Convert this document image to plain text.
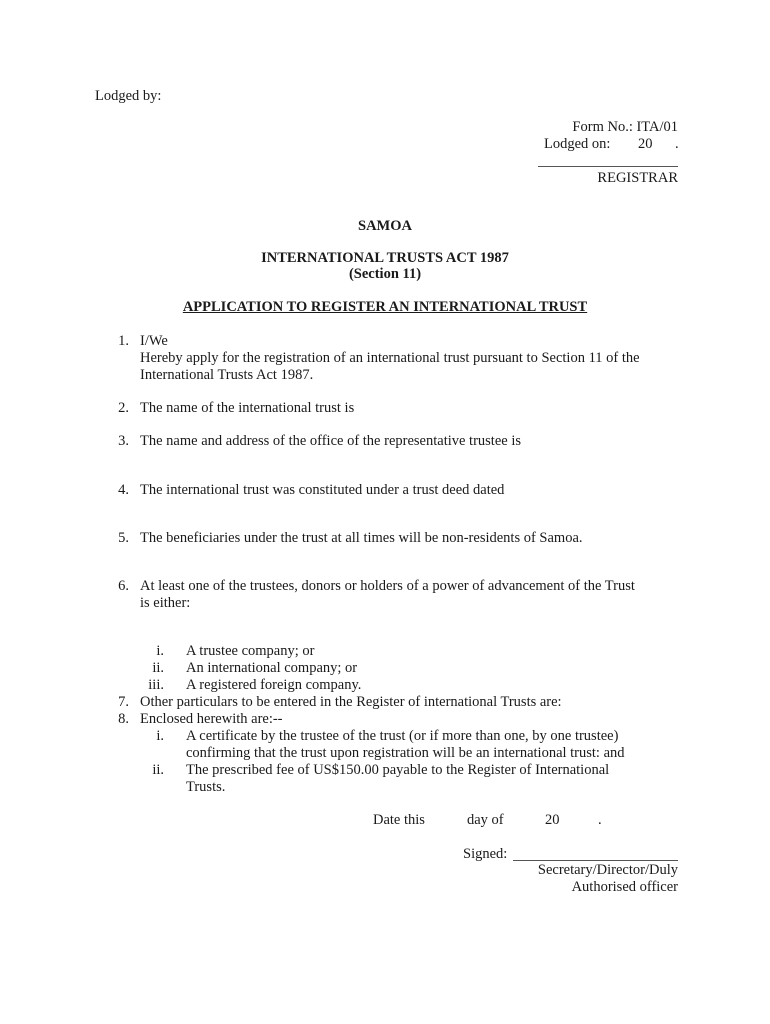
Lodged by:
Form No.: ITA/01
Lodged on: 20 .
REGISTRAR
SAMOA
INTERNATIONAL TRUSTS ACT 1987
(Section 11)
APPLICATION TO REGISTER AN INTERNATIONAL TRUST
1. I/We
Hereby apply for the registration of an international trust pursuant to Section 11 of the
International Trusts Act 1987.
2. The name of the international trust is
3. The name and address of the office of the representative trustee is
4. The international trust was constituted under a trust deed dated
5. The beneficiaries under the trust at all times will be non-residents of Samoa.
6. At least one of the trustees, donors or holders of a power of advancement of the Trust
is either:
i. A trustee company; or
ii. An international company; or
iii. A registered foreign company.
7. Other particulars to be entered in the Register of international Trusts are:
8. Enclosed herewith are:--
i. A certificate by the trustee of the trust (or if more than one, by one trustee)
confirming that the trust upon registration will be an international trust: and
ii. The prescribed fee of US$150.00 payable to the Register of International
Trusts.
Date this	day of	20	.
Signed:
Secretary/Director/Duly
Authorised officer
